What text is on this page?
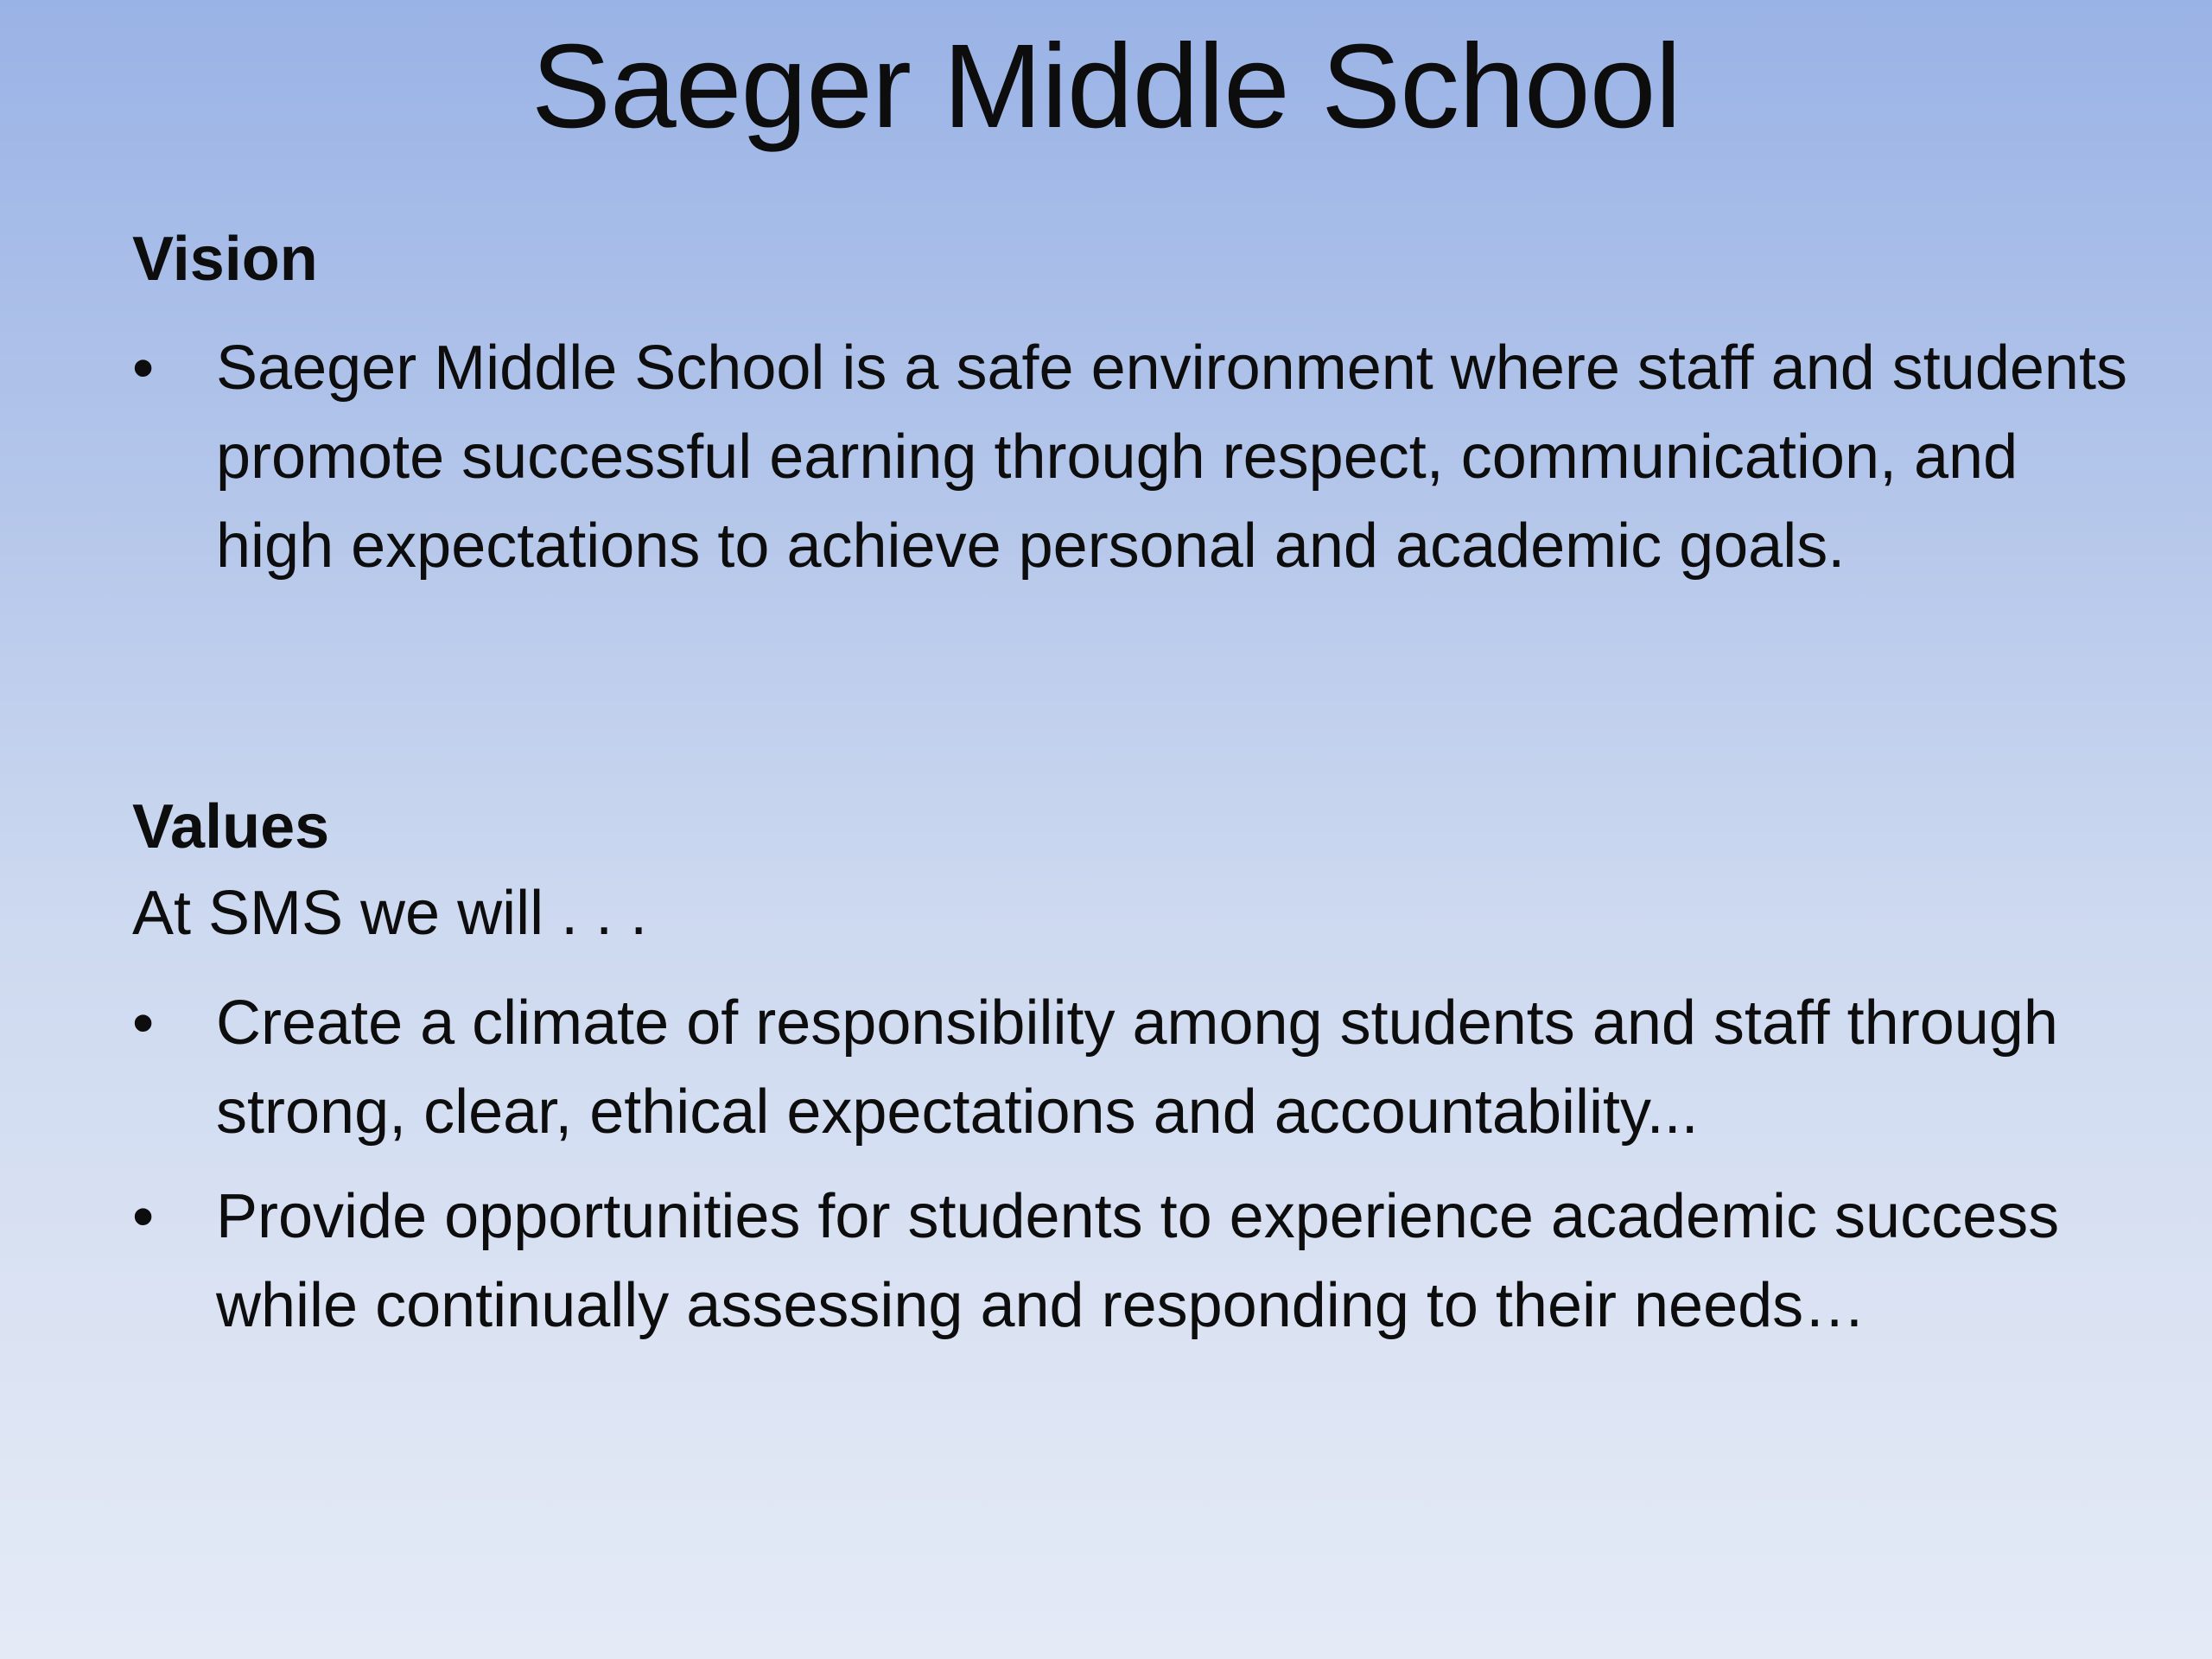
Saeger Middle School
Vision
• Saeger Middle School is a safe environment where staff and students promote successful earning through respect, communication, and high expectations to achieve personal and academic goals.
Values

At SMS we will . . .

• Create a climate of responsibility among students and staff through strong, clear, ethical expectations and accountability...
• Provide opportunities for students to experience academic success while continually assessing and responding to their needs…
